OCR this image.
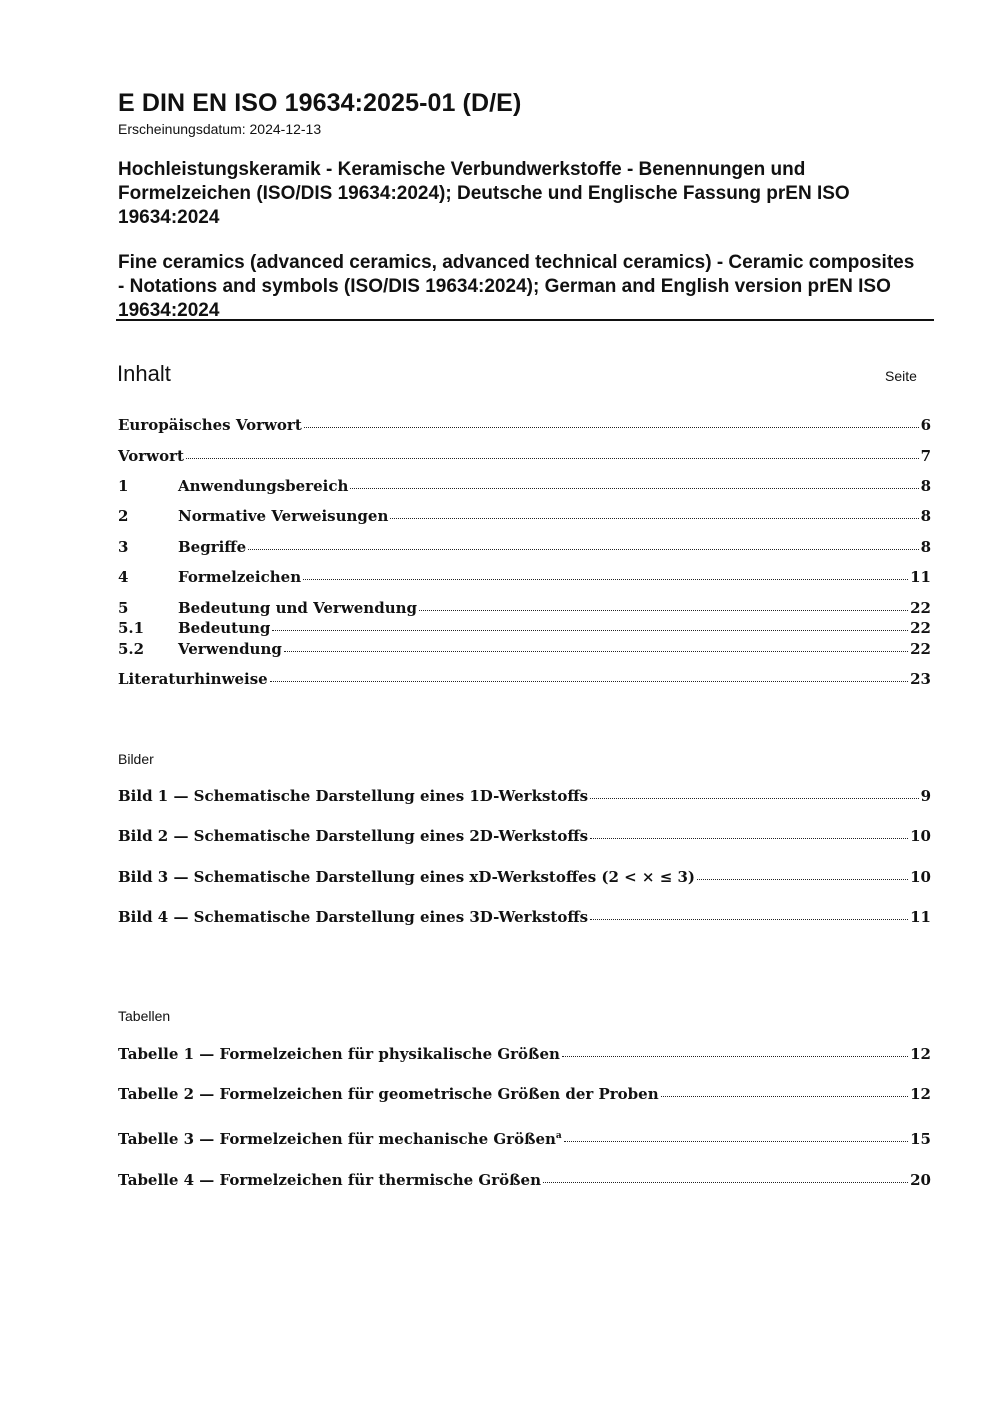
E DIN EN ISO 19634:2025-01 (D/E)
Erscheinungsdatum: 2024-12-13
Hochleistungskeramik - Keramische Verbundwerkstoffe - Benennungen und Formelzeichen (ISO/DIS 19634:2024); Deutsche und Englische Fassung prEN ISO 19634:2024
Fine ceramics (advanced ceramics, advanced technical ceramics) - Ceramic composites - Notations and symbols (ISO/DIS 19634:2024); German and English version prEN ISO 19634:2024
Inhalt	Seite
Europäisches Vorwort	6
Vorwort	7
1	Anwendungsbereich	8
2	Normative Verweisungen	8
3	Begriffe	8
4	Formelzeichen	11
5	Bedeutung und Verwendung	22
5.1	Bedeutung	22
5.2	Verwendung	22
Literaturhinweise	23
Bilder
Bild 1 — Schematische Darstellung eines 1D-Werkstoffs	9
Bild 2 — Schematische Darstellung eines 2D-Werkstoffs	10
Bild 3 — Schematische Darstellung eines xD-Werkstoffes (2 < × ≤ 3)	10
Bild 4 — Schematische Darstellung eines 3D-Werkstoffs	11
Tabellen
Tabelle 1 — Formelzeichen für physikalische Größen	12
Tabelle 2 — Formelzeichen für geometrische Größen der Proben	12
Tabelle 3 — Formelzeichen für mechanische Größen$^a$	15
Tabelle 4 — Formelzeichen für thermische Größen	20
